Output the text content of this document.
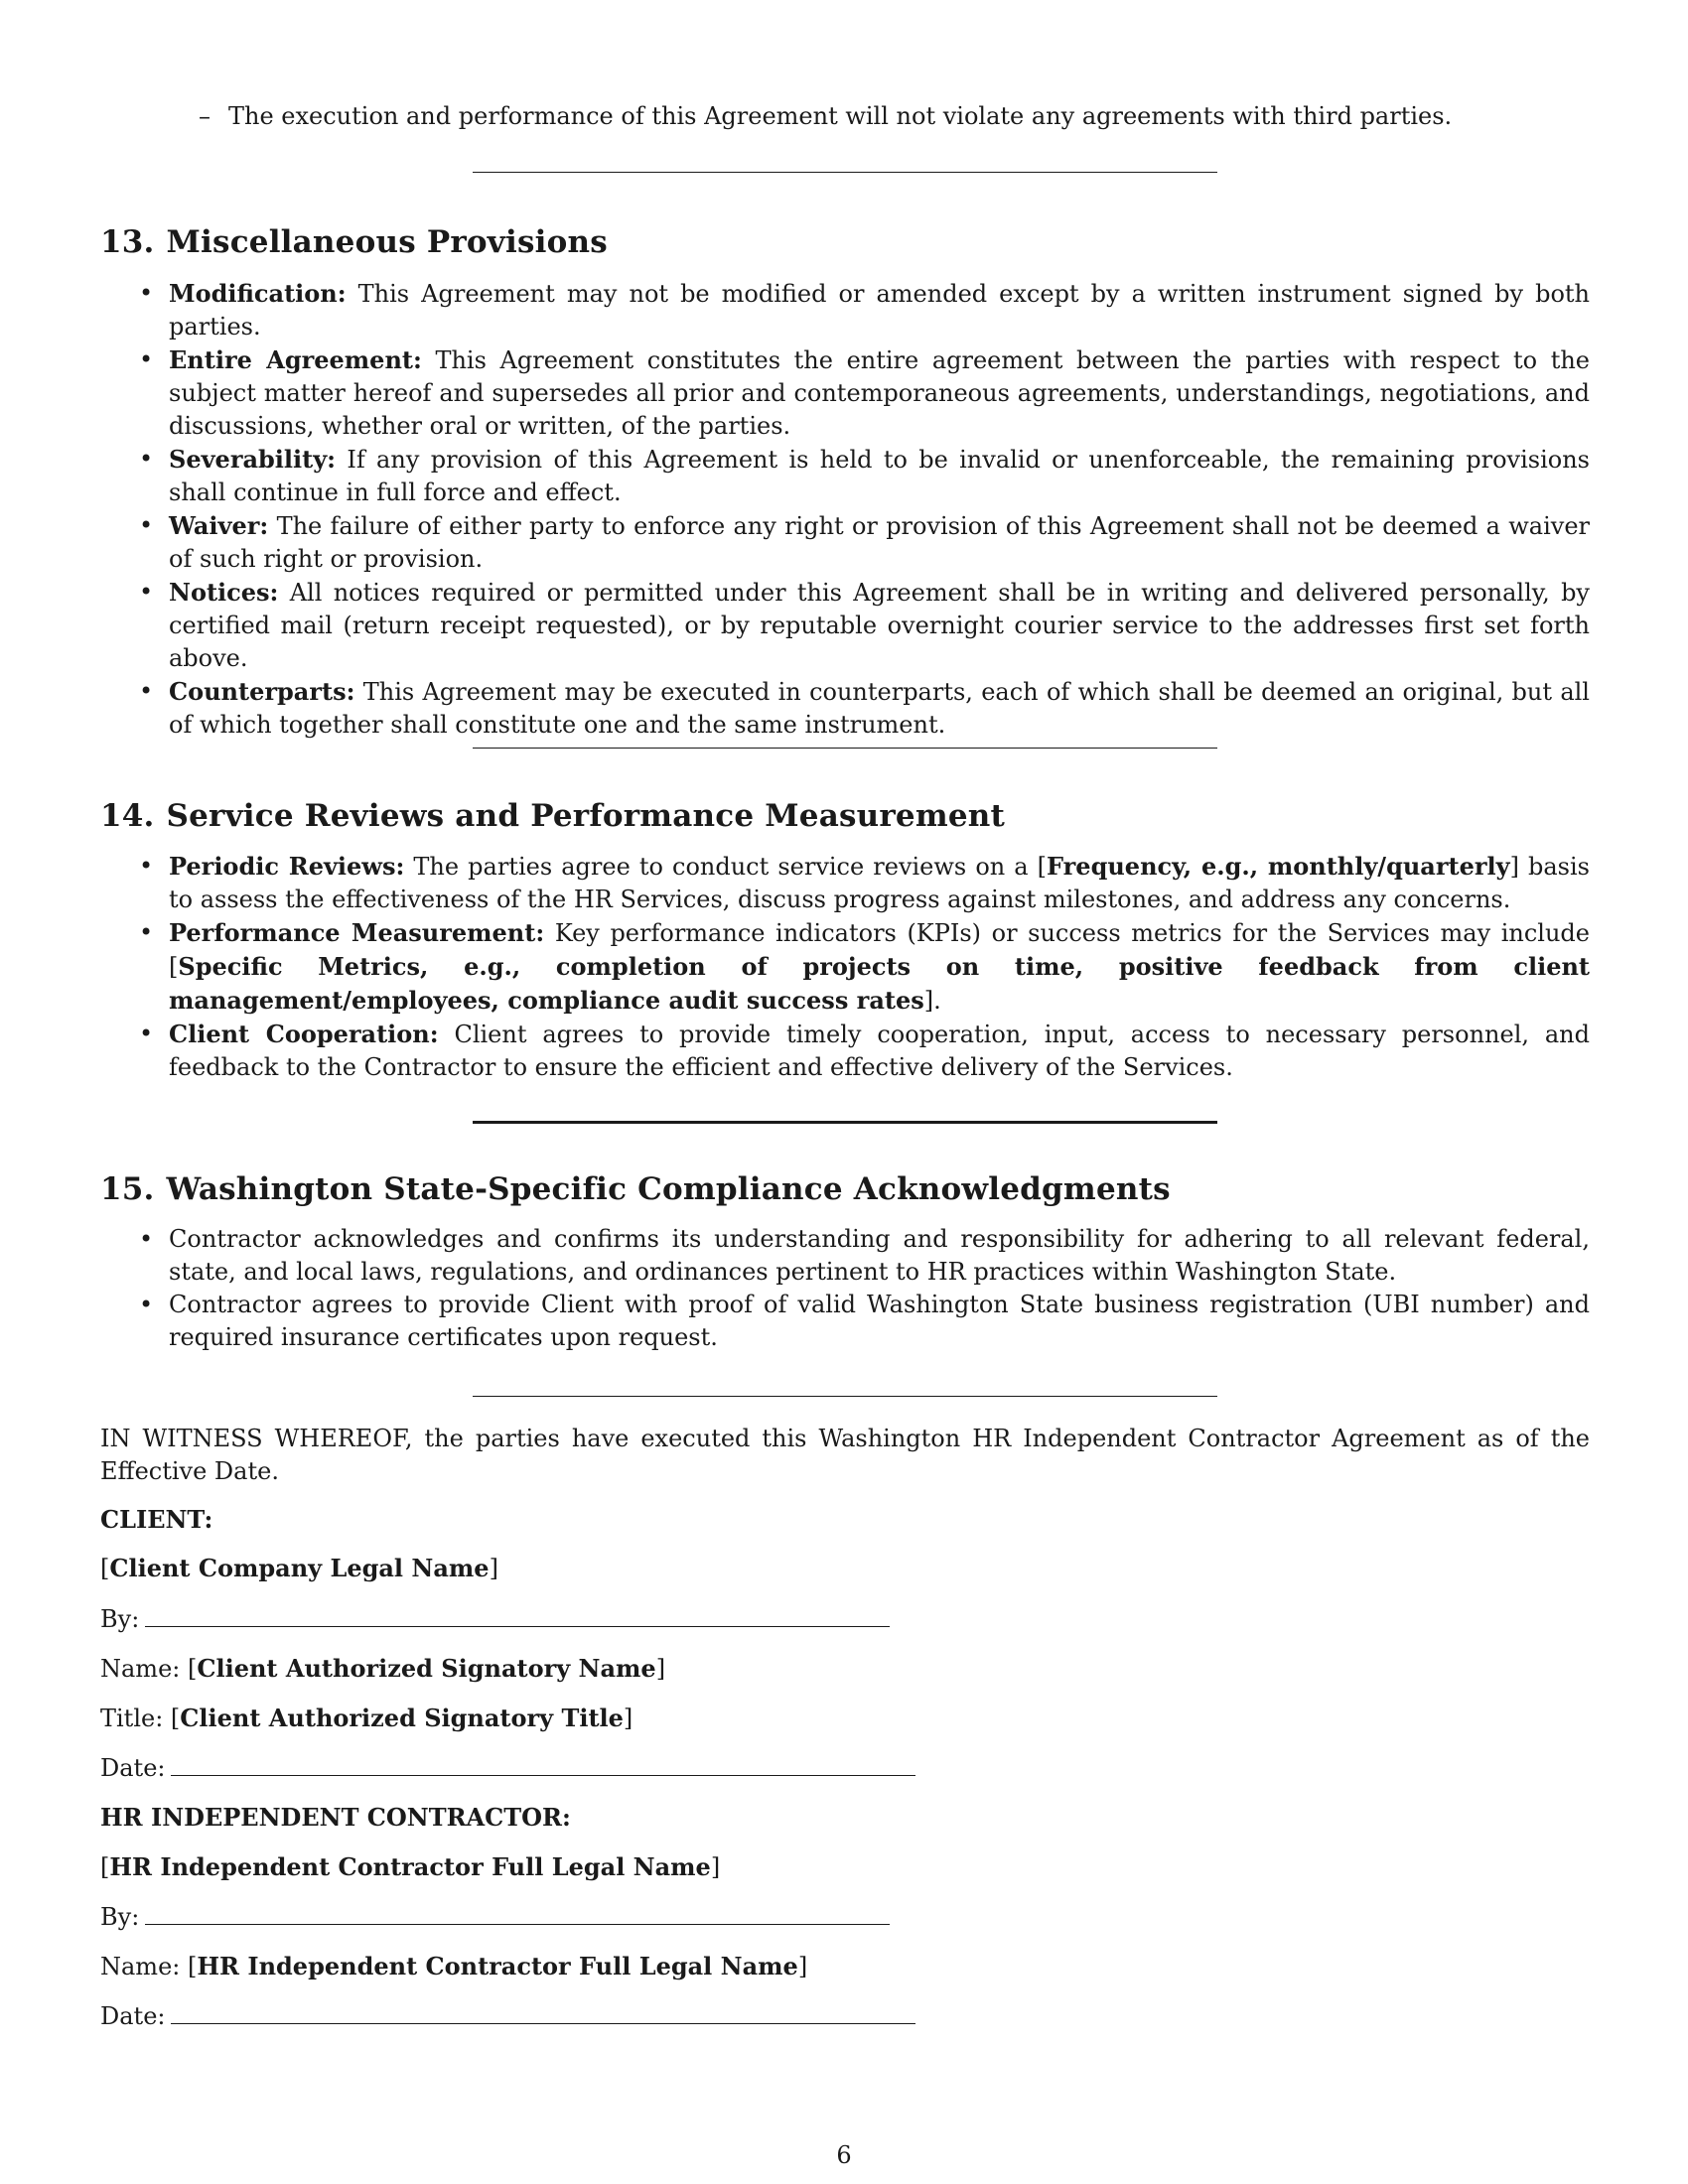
– The execution and performance of this Agreement will not violate any agreements with third parties.
13. Miscellaneous Provisions
• Modification: This Agreement may not be modified or amended except by a written instrument signed by both parties.
• Entire Agreement: This Agreement constitutes the entire agreement between the parties with respect to the subject matter hereof and supersedes all prior and contemporaneous agreements, understandings, negotiations, and discussions, whether oral or written, of the parties.
• Severability: If any provision of this Agreement is held to be invalid or unenforceable, the remaining provisions shall continue in full force and effect.
• Waiver: The failure of either party to enforce any right or provision of this Agreement shall not be deemed a waiver of such right or provision.
• Notices: All notices required or permitted under this Agreement shall be in writing and delivered personally, by certified mail (return receipt requested), or by reputable overnight courier service to the addresses first set forth above.
• Counterparts: This Agreement may be executed in counterparts, each of which shall be deemed an original, but all of which together shall constitute one and the same instrument.
14. Service Reviews and Performance Measurement
• Periodic Reviews: The parties agree to conduct service reviews on a [Frequency, e.g., monthly/quarterly] basis to assess the effectiveness of the HR Services, discuss progress against milestones, and address any concerns.
• Performance Measurement: Key performance indicators (KPIs) or success metrics for the Services may include [Specific Metrics, e.g., completion of projects on time, positive feedback from client management/employees, compliance audit success rates].
• Client Cooperation: Client agrees to provide timely cooperation, input, access to necessary personnel, and feedback to the Contractor to ensure the efficient and effective delivery of the Services.
15. Washington State-Specific Compliance Acknowledgments
• Contractor acknowledges and confirms its understanding and responsibility for adhering to all relevant federal, state, and local laws, regulations, and ordinances pertinent to HR practices within Washington State.
• Contractor agrees to provide Client with proof of valid Washington State business registration (UBI number) and required insurance certificates upon request.

IN WITNESS WHEREOF, the parties have executed this Washington HR Independent Contractor Agreement as of the Effective Date.

CLIENT:
[Client Company Legal Name]
By:
Name: [Client Authorized Signatory Name]
Title: [Client Authorized Signatory Title]
Date:
HR INDEPENDENT CONTRACTOR:
[HR Independent Contractor Full Legal Name]
By:
Name: [HR Independent Contractor Full Legal Name]
Date:
6
